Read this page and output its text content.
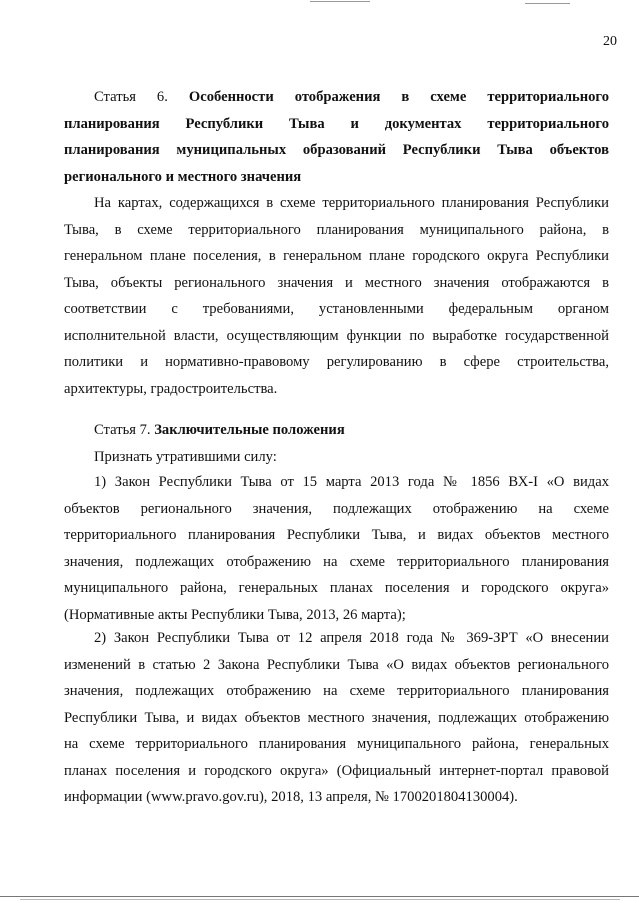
20
Статья 6. Особенности отображения в схеме территориального
планирования Республики Тыва и документах территориального
планирования муниципальных образований Республики Тыва объектов
регионального и местного значения
На картах, содержащихся в схеме территориального планирования Республики
Тыва, в схеме территориального планирования муниципального района, в
генеральном плане поселения, в генеральном плане городского округа Республики
Тыва, объекты регионального значения и местного значения отображаются в
соответствии с требованиями, установленными федеральным органом
исполнительной власти, осуществляющим функции по выработке государственной
политики и нормативно-правовому регулированию в сфере строительства,
архитектуры, градостроительства.
Статья 7. Заключительные положения
Признать утратившими силу:
1) Закон Республики Тыва от 15 марта 2013 года № 1856 ВХ-I «О видах
объектов регионального значения, подлежащих отображению на схеме
территориального планирования Республики Тыва, и видах объектов местного
значения, подлежащих отображению на схеме территориального планирования
муниципального района, генеральных планах поселения и городского округа»
(Нормативные акты Республики Тыва, 2013, 26 марта);
2) Закон Республики Тыва от 12 апреля 2018 года № 369-ЗРТ «О внесении
изменений в статью 2 Закона Республики Тыва «О видах объектов регионального
значения, подлежащих отображению на схеме территориального планирования
Республики Тыва, и видах объектов местного значения, подлежащих отображению
на схеме территориального планирования муниципального района, генеральных
планах поселения и городского округа» (Официальный интернет-портал правовой
информации (www.pravo.gov.ru), 2018, 13 апреля, № 1700201804130004).
